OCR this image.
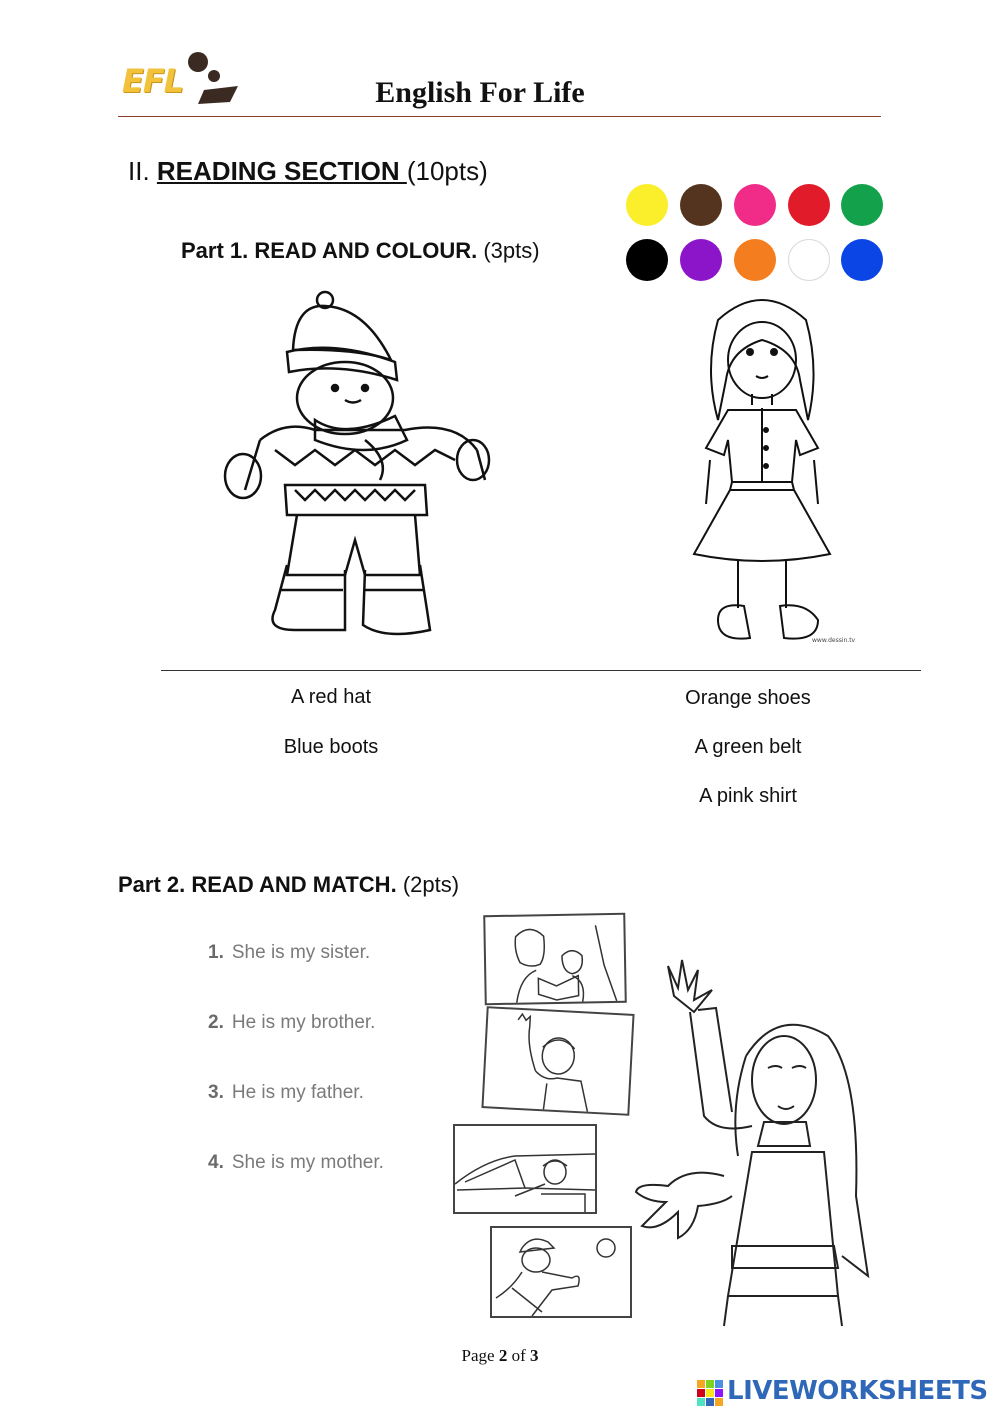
EFL	English For Life
II. READING SECTION (10pts)
Part 1. READ AND COLOUR. (3pts)
www.dessin.tv
A red hat
Blue boots
Orange shoes
A green belt
A pink shirt
Part 2. READ AND MATCH. (2pts)
1. She is my sister.
2. He is my brother.
3. He is my father.
4. She is my mother.
Page 2 of 3
LIVEWORKSHEETS
